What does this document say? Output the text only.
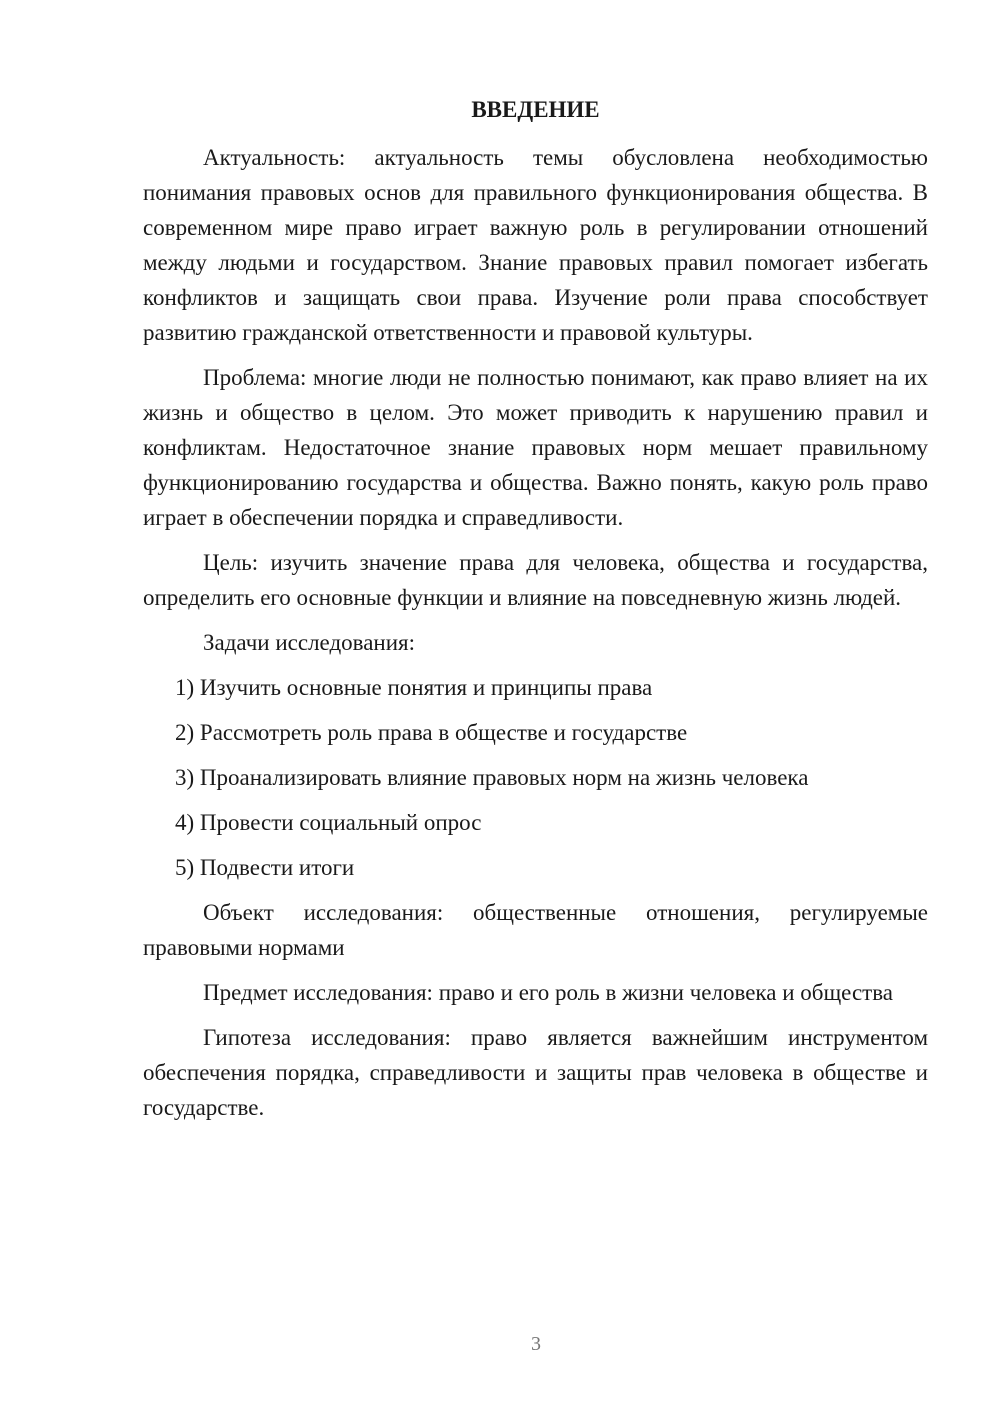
ВВЕДЕНИЕ

Актуальность: актуальность темы обусловлена необходимостью понимания правовых основ для правильного функционирования общества. В современном мире право играет важную роль в регулировании отношений между людьми и государством. Знание правовых правил помогает избегать конфликтов и защищать свои права. Изучение роли права способствует развитию гражданской ответственности и правовой культуры.

Проблема: многие люди не полностью понимают, как право влияет на их жизнь и общество в целом. Это может приводить к нарушению правил и конфликтам. Недостаточное знание правовых норм мешает правильному функционированию государства и общества. Важно понять, какую роль право играет в обеспечении порядка и справедливости.

Цель: изучить значение права для человека, общества и государства, определить его основные функции и влияние на повседневную жизнь людей.

Задачи исследования:

1) Изучить основные понятия и принципы права
2) Рассмотреть роль права в обществе и государстве
3) Проанализировать влияние правовых норм на жизнь человека
4) Провести социальный опрос
5) Подвести итоги

Объект исследования: общественные отношения, регулируемые правовыми нормами

Предмет исследования: право и его роль в жизни человека и общества

Гипотеза исследования: право является важнейшим инструментом обеспечения порядка, справедливости и защиты прав человека в обществе и государстве.

3
